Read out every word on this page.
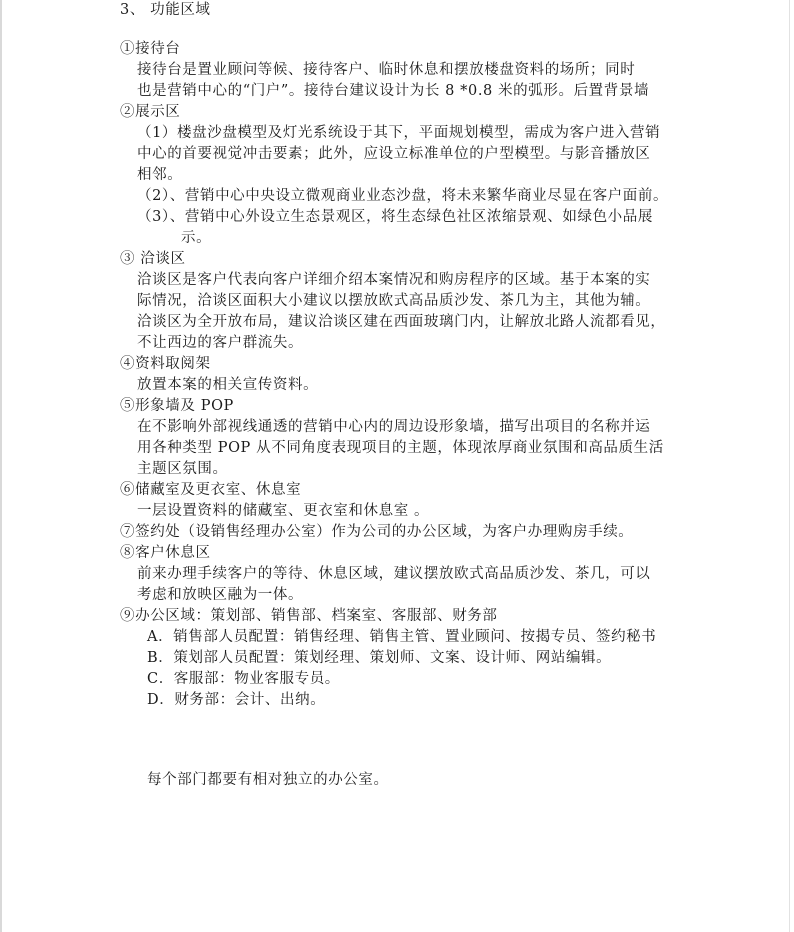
3、 功能区域
①接待台
接待台是置业顾问等候、接待客户、临时休息和摆放楼盘资料的场所；同时
也是营销中心的“门户”。接待台建议设计为长 8 *0.8 米的弧形。后置背景墙
②展示区
（1）楼盘沙盘模型及灯光系统设于其下，平面规划模型，需成为客户进入营销
中心的首要视觉冲击要素；此外，应设立标准单位的户型模型。与影音播放区
相邻。
（2）、营销中心中央设立微观商业业态沙盘，将未来繁华商业尽显在客户面前。
（3）、营销中心外设立生态景观区，将生态绿色社区浓缩景观、如绿色小品展
示。
③ 洽谈区
洽谈区是客户代表向客户详细介绍本案情况和购房程序的区域。基于本案的实
际情况，洽谈区面积大小建议以摆放欧式高品质沙发、茶几为主，其他为辅。
洽谈区为全开放布局，建议洽谈区建在西面玻璃门内，让解放北路人流都看见，
不让西边的客户群流失。
④资料取阅架
放置本案的相关宣传资料。
⑤形象墙及 POP
在不影响外部视线通透的营销中心内的周边设形象墙，描写出项目的名称并运
用各种类型 POP 从不同角度表现项目的主题，体现浓厚商业氛围和高品质生活
主题区氛围。
⑥储藏室及更衣室、休息室
一层设置资料的储藏室、更衣室和休息室 。
⑦签约处（设销售经理办公室）作为公司的办公区域，为客户办理购房手续。
⑧客户休息区
前来办理手续客户的等待、休息区域，建议摆放欧式高品质沙发、茶几，可以
考虑和放映区融为一体。
⑨办公区域：策划部、销售部、档案室、客服部、财务部
A．销售部人员配置：销售经理、销售主管、置业顾问、按揭专员、签约秘书
B．策划部人员配置：策划经理、策划师、文案、设计师、网站编辑。
C．客服部：物业客服专员。
D．财务部：会计、出纳。
每个部门都要有相对独立的办公室。
